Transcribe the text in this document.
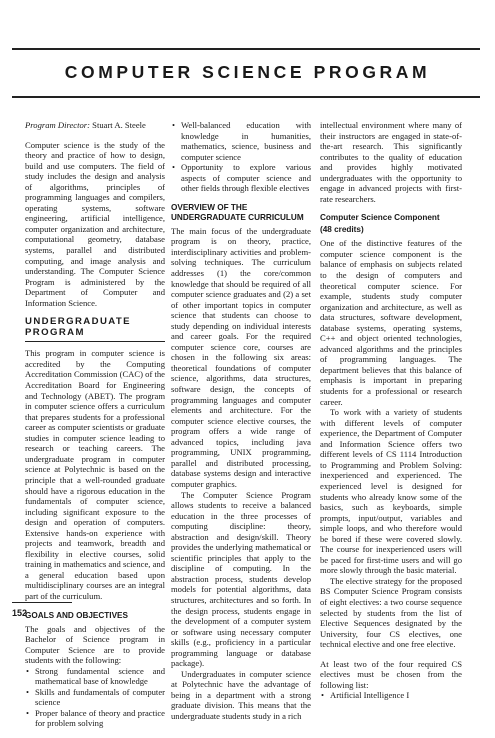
COMPUTER SCIENCE PROGRAM

Program Director: Stuart A. Steele

Computer science is the study of the theory and practice of how to design, build and use computers. The field of study includes the design and analysis of algorithms, principles of programming languages and compilers, operating systems, software engineering, artificial intelligence, computer organization and architecture, computational geometry, database systems, parallel and distributed computing, and image analysis and understanding. The Computer Science Program is administered by the Department of Computer and Information Science.

UNDERGRADUATE PROGRAM

This program in computer science is accredited by the Computing Accreditation Commission (CAC) of the Accreditation Board for Engineering and Technology (ABET). The program in computer science offers a curriculum that prepares students for a professional career as computer scientists or graduate studies in computer science leading to research or teaching careers. The undergraduate program in computer science at Polytechnic is based on the principle that a well-rounded graduate should have a rigorous education in the fundamentals of computer science, including significant exposure to the design and operation of computers. Extensive hands-on experience with projects and teamwork, breadth and flexibility in elective courses, solid training in mathematics and science, and a general education based upon multidisciplinary courses are an integral part of the curriculum.

GOALS AND OBJECTIVES

The goals and objectives of the Bachelor of Science program in Computer Science are to provide students with the following:

• Strong fundamental science and mathematical base of knowledge
• Skills and fundamentals of computer science
• Proper balance of theory and practice for problem solving
• Well-balanced education with knowledge in humanities, mathematics, science, business and computer science
• Opportunity to explore various aspects of computer science and other fields through flexible electives
OVERVIEW OF THE
UNDERGRADUATE CURRICULUM

The main focus of the undergraduate program is on theory, practice, interdisciplinary activities and problem-solving techniques. The curriculum addresses (1) the core/common knowledge that should be required of all computer science graduates and (2) a set of other important topics in computer science that students can choose to study depending on individual interests and career goals. For the required computer science core, courses are chosen in the following six areas: theoretical foundations of computer science, algorithms, data structures, software design, the concepts of programming languages and computer elements and architecture. For the computer science elective courses, the program offers a wide range of advanced topics, including java programming, UNIX programming, parallel and distributed processing, database systems design and interactive computer graphics.

The Computer Science Program allows students to receive a balanced education in the three processes of computing discipline: theory, abstraction and design/skill. Theory provides the underlying mathematical or scientific principles that apply to the discipline of computing. In the abstraction process, students develop models for potential algorithms, data structures, architectures and so forth. In the design process, students engage in the development of a computer system or software using necessary computer skills (e.g., proficiency in a particular programming language or database package).

Undergraduates in computer science at Polytechnic have the advantage of being in a department with a strong graduate division. This means that the undergraduate students study in a rich

intellectual environment where many of their instructors are engaged in state-of-the-art research. This significantly contributes to the quality of education and provides highly motivated undergraduates with the opportunity to engage in advanced projects with first-rate researchers.

Computer Science Component
(48 credits)

One of the distinctive features of the computer science component is the balance of emphasis on subjects related to the design of computers and theoretical computer science. For example, students study computer organization and architecture, as well as data structures, software development, database systems, operating systems, C++ and object oriented technologies, advanced algorithms and the principles of programming languages. The department believes that this balance of emphasis is important in preparing students for a professional or research career.

To work with a variety of students with different levels of computer experience, the Department of Computer and Information Science offers two different levels of CS 1114 Introduction to Programming and Problem Solving: inexperienced and experienced. The experienced level is designed for students who already know some of the basics, such as keyboards, simple prompts, input/output, variables and simple loops, and who therefore would be bored if these were covered slowly. The course for inexperienced users will be paced for first-time users and will go more slowly through the basic material.

The elective strategy for the proposed BS Computer Science Program consists of eight electives: a two course sequence selected by students from the list of Elective Sequences designated by the University, four CS electives, one technical elective and one free elective.

At least two of the four required CS electives must be chosen from the following list:

• Artificial Intelligence I
152
